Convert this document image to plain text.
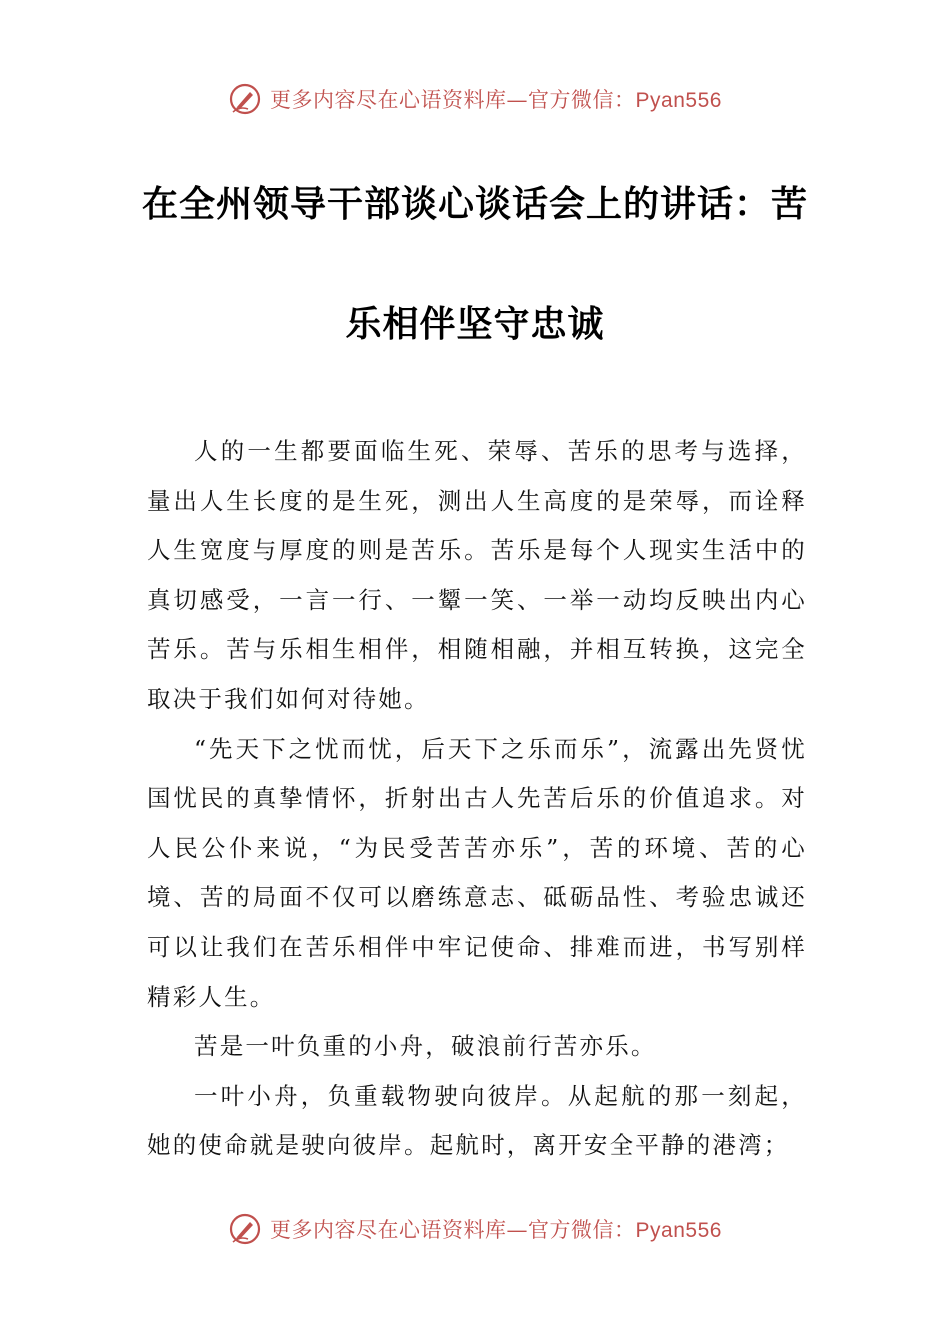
更多内容尽在心语资料库—官方微信：Pyan556
在全州领导干部谈心谈话会上的讲话：苦
乐相伴坚守忠诚

人的一生都要面临生死、荣辱、苦乐的思考与选择，量出人生长度的是生死，测出人生高度的是荣辱，而诠释人生宽度与厚度的则是苦乐。苦乐是每个人现实生活中的真切感受，一言一行、一颦一笑、一举一动均反映出内心苦乐。苦与乐相生相伴，相随相融，并相互转换，这完全取决于我们如何对待她。

“先天下之忧而忧，后天下之乐而乐”，流露出先贤忧国忧民的真挚情怀，折射出古人先苦后乐的价值追求。对人民公仆来说，“为民受苦苦亦乐”，苦的环境、苦的心境、苦的局面不仅可以磨练意志、砥砺品性、考验忠诚还可以让我们在苦乐相伴中牢记使命、排难而进，书写别样精彩人生。

苦是一叶负重的小舟，破浪前行苦亦乐。

一叶小舟，负重载物驶向彼岸。从起航的那一刻起，她的使命就是驶向彼岸。起航时，离开安全平静的港湾；

更多内容尽在心语资料库—官方微信：Pyan556
